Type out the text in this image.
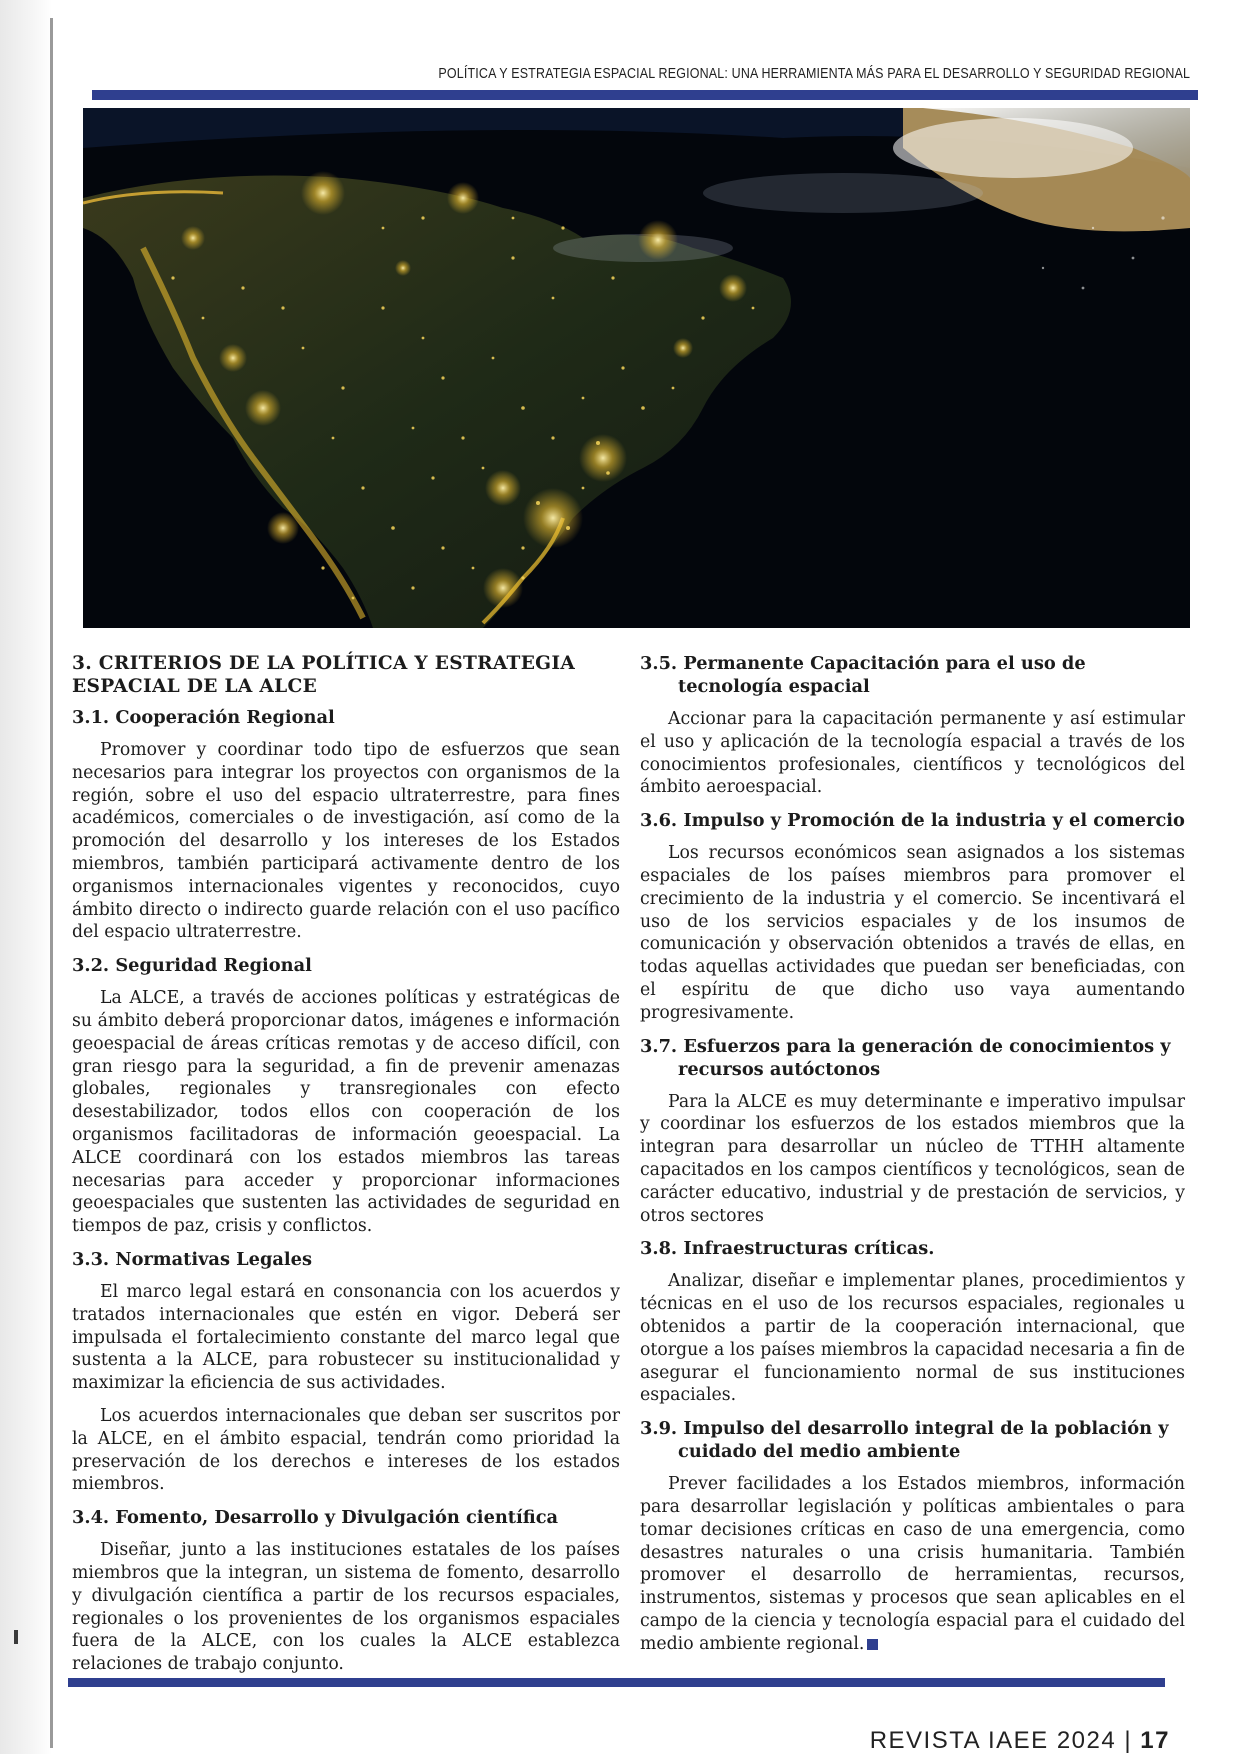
POLÍTICA Y ESTRATEGIA ESPACIAL REGIONAL: UNA HERRAMIENTA MÁS PARA EL DESARROLLO Y SEGURIDAD REGIONAL
3. CRITERIOS DE LA POLÍTICA Y ESTRATEGIA ESPACIAL DE LA ALCE
3.1. Cooperación Regional

Promover y coordinar todo tipo de esfuerzos que sean necesarios para integrar los proyectos con organismos de la región, sobre el uso del espacio ultraterrestre, para fines académicos, comerciales o de investigación, así como de la promoción del desarrollo y los intereses de los Estados miembros, también participará activamente dentro de los organismos internacionales vigentes y reconocidos, cuyo ámbito directo o indirecto guarde relación con el uso pacífico del espacio ultraterrestre.

3.2. Seguridad Regional

La ALCE, a través de acciones políticas y estratégicas de su ámbito deberá proporcionar datos, imágenes e información geoespacial de áreas críticas remotas y de acceso difícil, con gran riesgo para la seguridad, a fin de prevenir amenazas globales, regionales y transregionales con efecto desestabilizador, todos ellos con cooperación de los organismos facilitadoras de información geoespacial. La ALCE coordinará con los estados miembros las tareas necesarias para acceder y proporcionar informaciones geoespaciales que sustenten las actividades de seguridad en tiempos de paz, crisis y conflictos.

3.3. Normativas Legales

El marco legal estará en consonancia con los acuerdos y tratados internacionales que estén en vigor. Deberá ser impulsada el fortalecimiento constante del marco legal que sustenta a la ALCE, para robustecer su institucionalidad y maximizar la eficiencia de sus actividades.

Los acuerdos internacionales que deban ser suscritos por la ALCE, en el ámbito espacial, tendrán como prioridad la preservación de los derechos e intereses de los estados miembros.

3.4. Fomento, Desarrollo y Divulgación científica

Diseñar, junto a las instituciones estatales de los países miembros que la integran, un sistema de fomento, desarrollo y divulgación científica a partir de los recursos espaciales, regionales o los provenientes de los organismos espaciales fuera de la ALCE, con los cuales la ALCE establezca relaciones de trabajo conjunto.

3.5. Permanente Capacitación para el uso de tecnología espacial

Accionar para la capacitación permanente y así estimular el uso y aplicación de la tecnología espacial a través de los conocimientos profesionales, científicos y tecnológicos del ámbito aeroespacial.

3.6. Impulso y Promoción de la industria y el comercio

Los recursos económicos sean asignados a los sistemas espaciales de los países miembros para promover el crecimiento de la industria y el comercio. Se incentivará el uso de los servicios espaciales y de los insumos de comunicación y observación obtenidos a través de ellas, en todas aquellas actividades que puedan ser beneficiadas, con el espíritu de que dicho uso vaya aumentando progresivamente.

3.7. Esfuerzos para la generación de conocimientos y recursos autóctonos

Para la ALCE es muy determinante e imperativo impulsar y coordinar los esfuerzos de los estados miembros que la integran para desarrollar un núcleo de TTHH altamente capacitados en los campos científicos y tecnológicos, sean de carácter educativo, industrial y de prestación de servicios, y otros sectores

3.8. Infraestructuras críticas.

Analizar, diseñar e implementar planes, procedimientos y técnicas en el uso de los recursos espaciales, regionales u obtenidos a partir de la cooperación internacional, que otorgue a los países miembros la capacidad necesaria a fin de asegurar el funcionamiento normal de sus instituciones espaciales.

3.9. Impulso del desarrollo integral de la población y cuidado del medio ambiente

Prever facilidades a los Estados miembros, información para desarrollar legislación y políticas ambientales o para tomar decisiones críticas en caso de una emergencia, como desastres naturales o una crisis humanitaria. También promover el desarrollo de herramientas, recursos, instrumentos, sistemas y procesos que sean aplicables en el campo de la ciencia y tecnología espacial para el cuidado del medio ambiente regional.

REVISTA IAEE 2024 | 17
